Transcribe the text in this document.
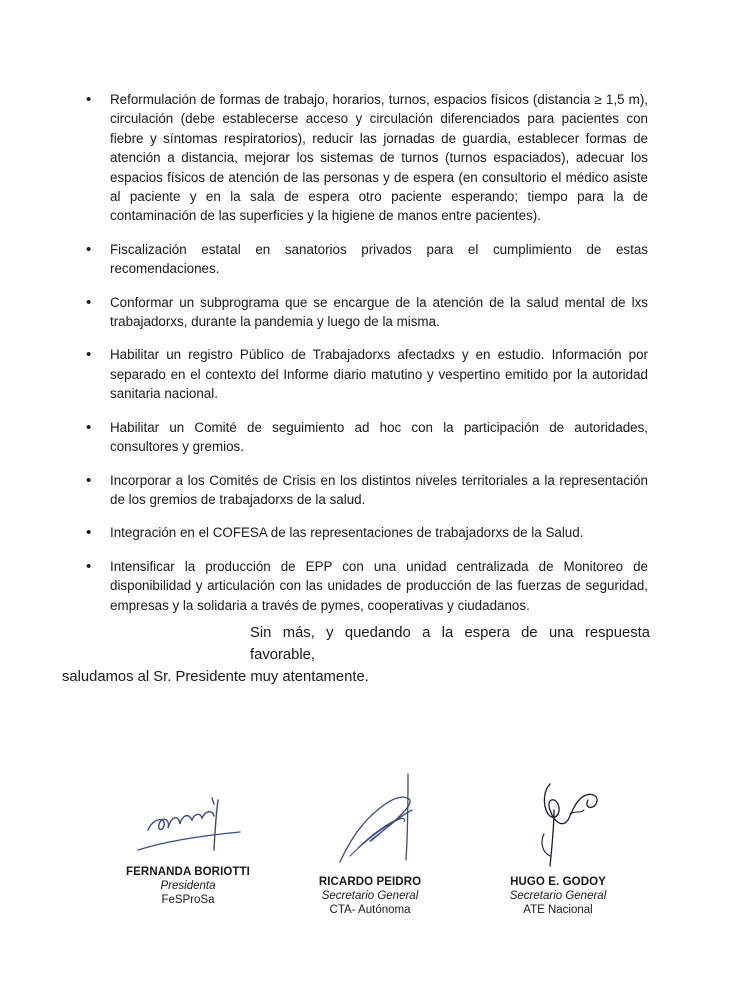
• Reformulación de formas de trabajo, horarios, turnos, espacios físicos (distancia ≥ 1,5 m), circulación (debe establecerse acceso y circulación diferenciados para pacientes con fiebre y síntomas respiratorios), reducir las jornadas de guardia, establecer formas de atención a distancia, mejorar los sistemas de turnos (turnos espaciados), adecuar los espacios físicos de atención de las personas y de espera (en consultorio el médico asiste al paciente y en la sala de espera otro paciente esperando; tiempo para la de contaminación de las superficies y la higiene de manos entre pacientes).
• Fiscalización estatal en sanatorios privados para el cumplimiento de estas recomendaciones.
• Conformar un subprograma que se encargue de la atención de la salud mental de lxs trabajadorxs, durante la pandemia y luego de la misma.
• Habilitar un registro Público de Trabajadorxs afectadxs y en estudio. Información por separado en el contexto del Informe diario matutino y vespertino emitido por la autoridad sanitaria nacional.
• Habilitar un Comité de seguimiento ad hoc con la participación de autoridades, consultores y gremios.
• Incorporar a los Comités de Crisis en los distintos niveles territoriales a la representación de los gremios de trabajadorxs de la salud.
• Integración en el COFESA de las representaciones de trabajadorxs de la Salud.
• Intensificar la producción de EPP con una unidad centralizada de Monitoreo de disponibilidad y articulación con las unidades de producción de las fuerzas de seguridad, empresas y la solidaria a través de pymes, cooperativas y ciudadanos.
Sin más, y quedando a la espera de una respuesta favorable,
saludamos al Sr. Presidente muy atentamente.
FERNANDA BORIOTTI
Presidenta
FeSProSa
RICARDO PEIDRO
Secretario General
CTA- Autónoma
HUGO E. GODOY
Secretario General
ATE Nacional
